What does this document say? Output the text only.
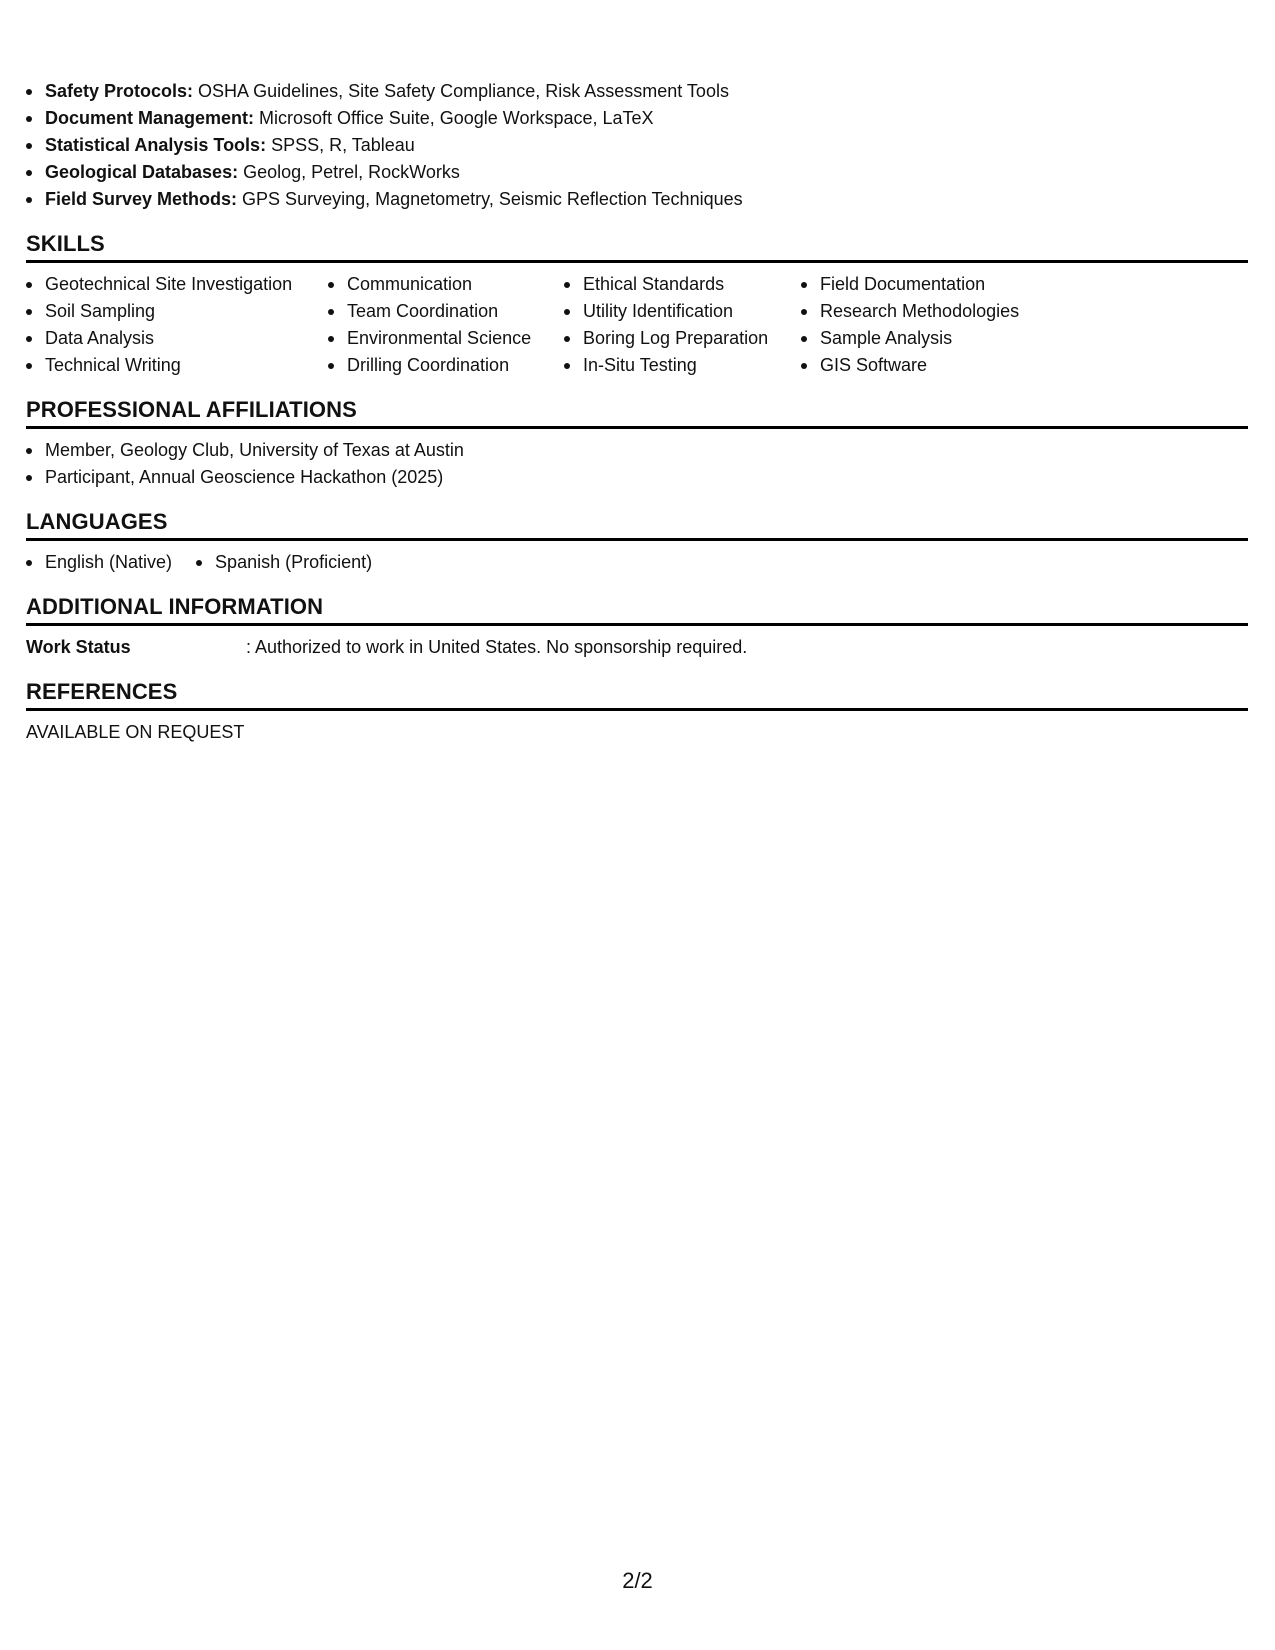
Safety Protocols: OSHA Guidelines, Site Safety Compliance, Risk Assessment Tools
Document Management: Microsoft Office Suite, Google Workspace, LaTeX
Statistical Analysis Tools: SPSS, R, Tableau
Geological Databases: Geolog, Petrel, RockWorks
Field Survey Methods: GPS Surveying, Magnetometry, Seismic Reflection Techniques
SKILLS
Geotechnical Site Investigation
Soil Sampling
Data Analysis
Technical Writing
Communication
Team Coordination
Environmental Science
Drilling Coordination
Ethical Standards
Utility Identification
Boring Log Preparation
In-Situ Testing
Field Documentation
Research Methodologies
Sample Analysis
GIS Software
PROFESSIONAL AFFILIATIONS
Member, Geology Club, University of Texas at Austin
Participant, Annual Geoscience Hackathon (2025)
LANGUAGES
English (Native)	Spanish (Proficient)
ADDITIONAL INFORMATION
Work Status	: Authorized to work in United States. No sponsorship required.
REFERENCES
AVAILABLE ON REQUEST
2/2
